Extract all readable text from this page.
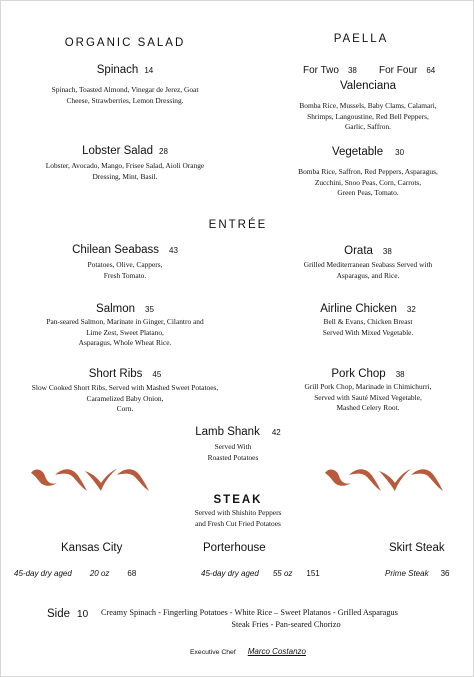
ORGANIC SALAD
Spinach 14
Spinach, Toasted Almond, Vinegar de Jerez, Goat
Cheese, Strawberries, Lemon Dressing.
Lobster Salad 28
Lobster, Avocado, Mango, Frisee Salad, Aioli Orange
Dressing, Mint, Basil.
PAELLA
For Two 38 For Four 64
Valenciana
Bomba Rice, Mussels, Baby Clams, Calamari,
Shrimps, Langoustine, Red Bell Peppers,
Garlic, Saffron.
Vegetable 30
Bomba Rice, Saffron, Red Peppers, Asparagus,
Zucchini, Snoo Peas, Corn, Carrots,
Green Peas, Tomato.
ENTRÉE
Chilean Seabass 43
Potatoes, Olive, Cappers,
Fresh Tomato.
Orata 38
Grilled Mediterranean Seabass Served with
Asparagus, and Rice.
Salmon 35
Pan-seared Salmon, Marinate in Ginger, Cilantro and
Lime Zest, Sweet Platano,
Asparagus, Whole Wheat Rice.
Airline Chicken 32
Bell & Evans, Chicken Breast
Served With Mixed Vegetable.
Short Ribs 45
Slow Cooked Short Ribs, Served with Mashed Sweet Potatoes,
Caramelized Baby Onion,
Corn.
Pork Chop 38
Grill Pork Chop, Marinade in Chimichurri,
Served with Sauté Mixed Vegetable,
Mashed Celery Root.
Lamb Shank 42
Served With
Roasted Potatoes
STEAK
Served with Shishito Peppers
and Fresh Cut Fried Potatoes
Kansas City
45-day dry aged 20 oz 68
Porterhouse
45-day dry aged 55 oz 151
Skirt Steak
Prime Steak 36
Side 10 Creamy Spinach - Fingerling Potatoes - White Rice – Sweet Platanos - Grilled Asparagus
Steak Fries - Pan-seared Chorizo
Executive Chef Marco Costanzo
